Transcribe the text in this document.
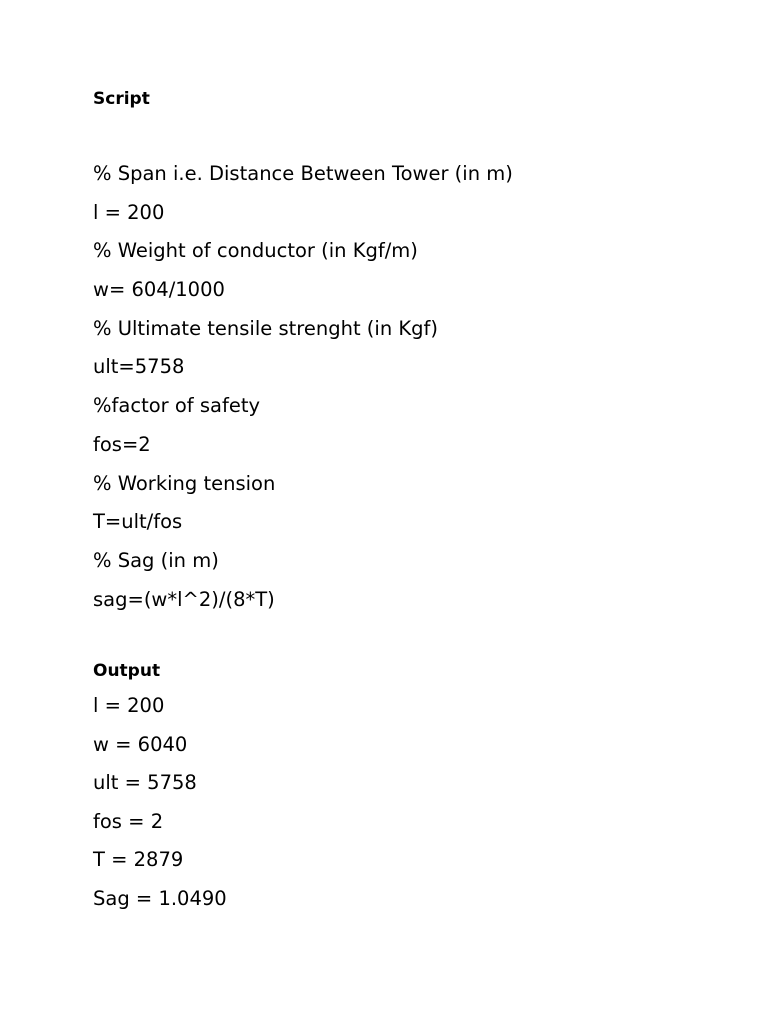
Script
% Span i.e. Distance Between Tower (in m)
l = 200
% Weight of conductor (in Kgf/m)
w= 604/1000
% Ultimate tensile strenght (in Kgf)
ult=5758
%factor of safety
fos=2
% Working tension
T=ult/fos
% Sag (in m)
sag=(w*l^2)/(8*T)
Output
l = 200
w = 6040
ult = 5758
fos = 2
T = 2879
Sag = 1.0490
